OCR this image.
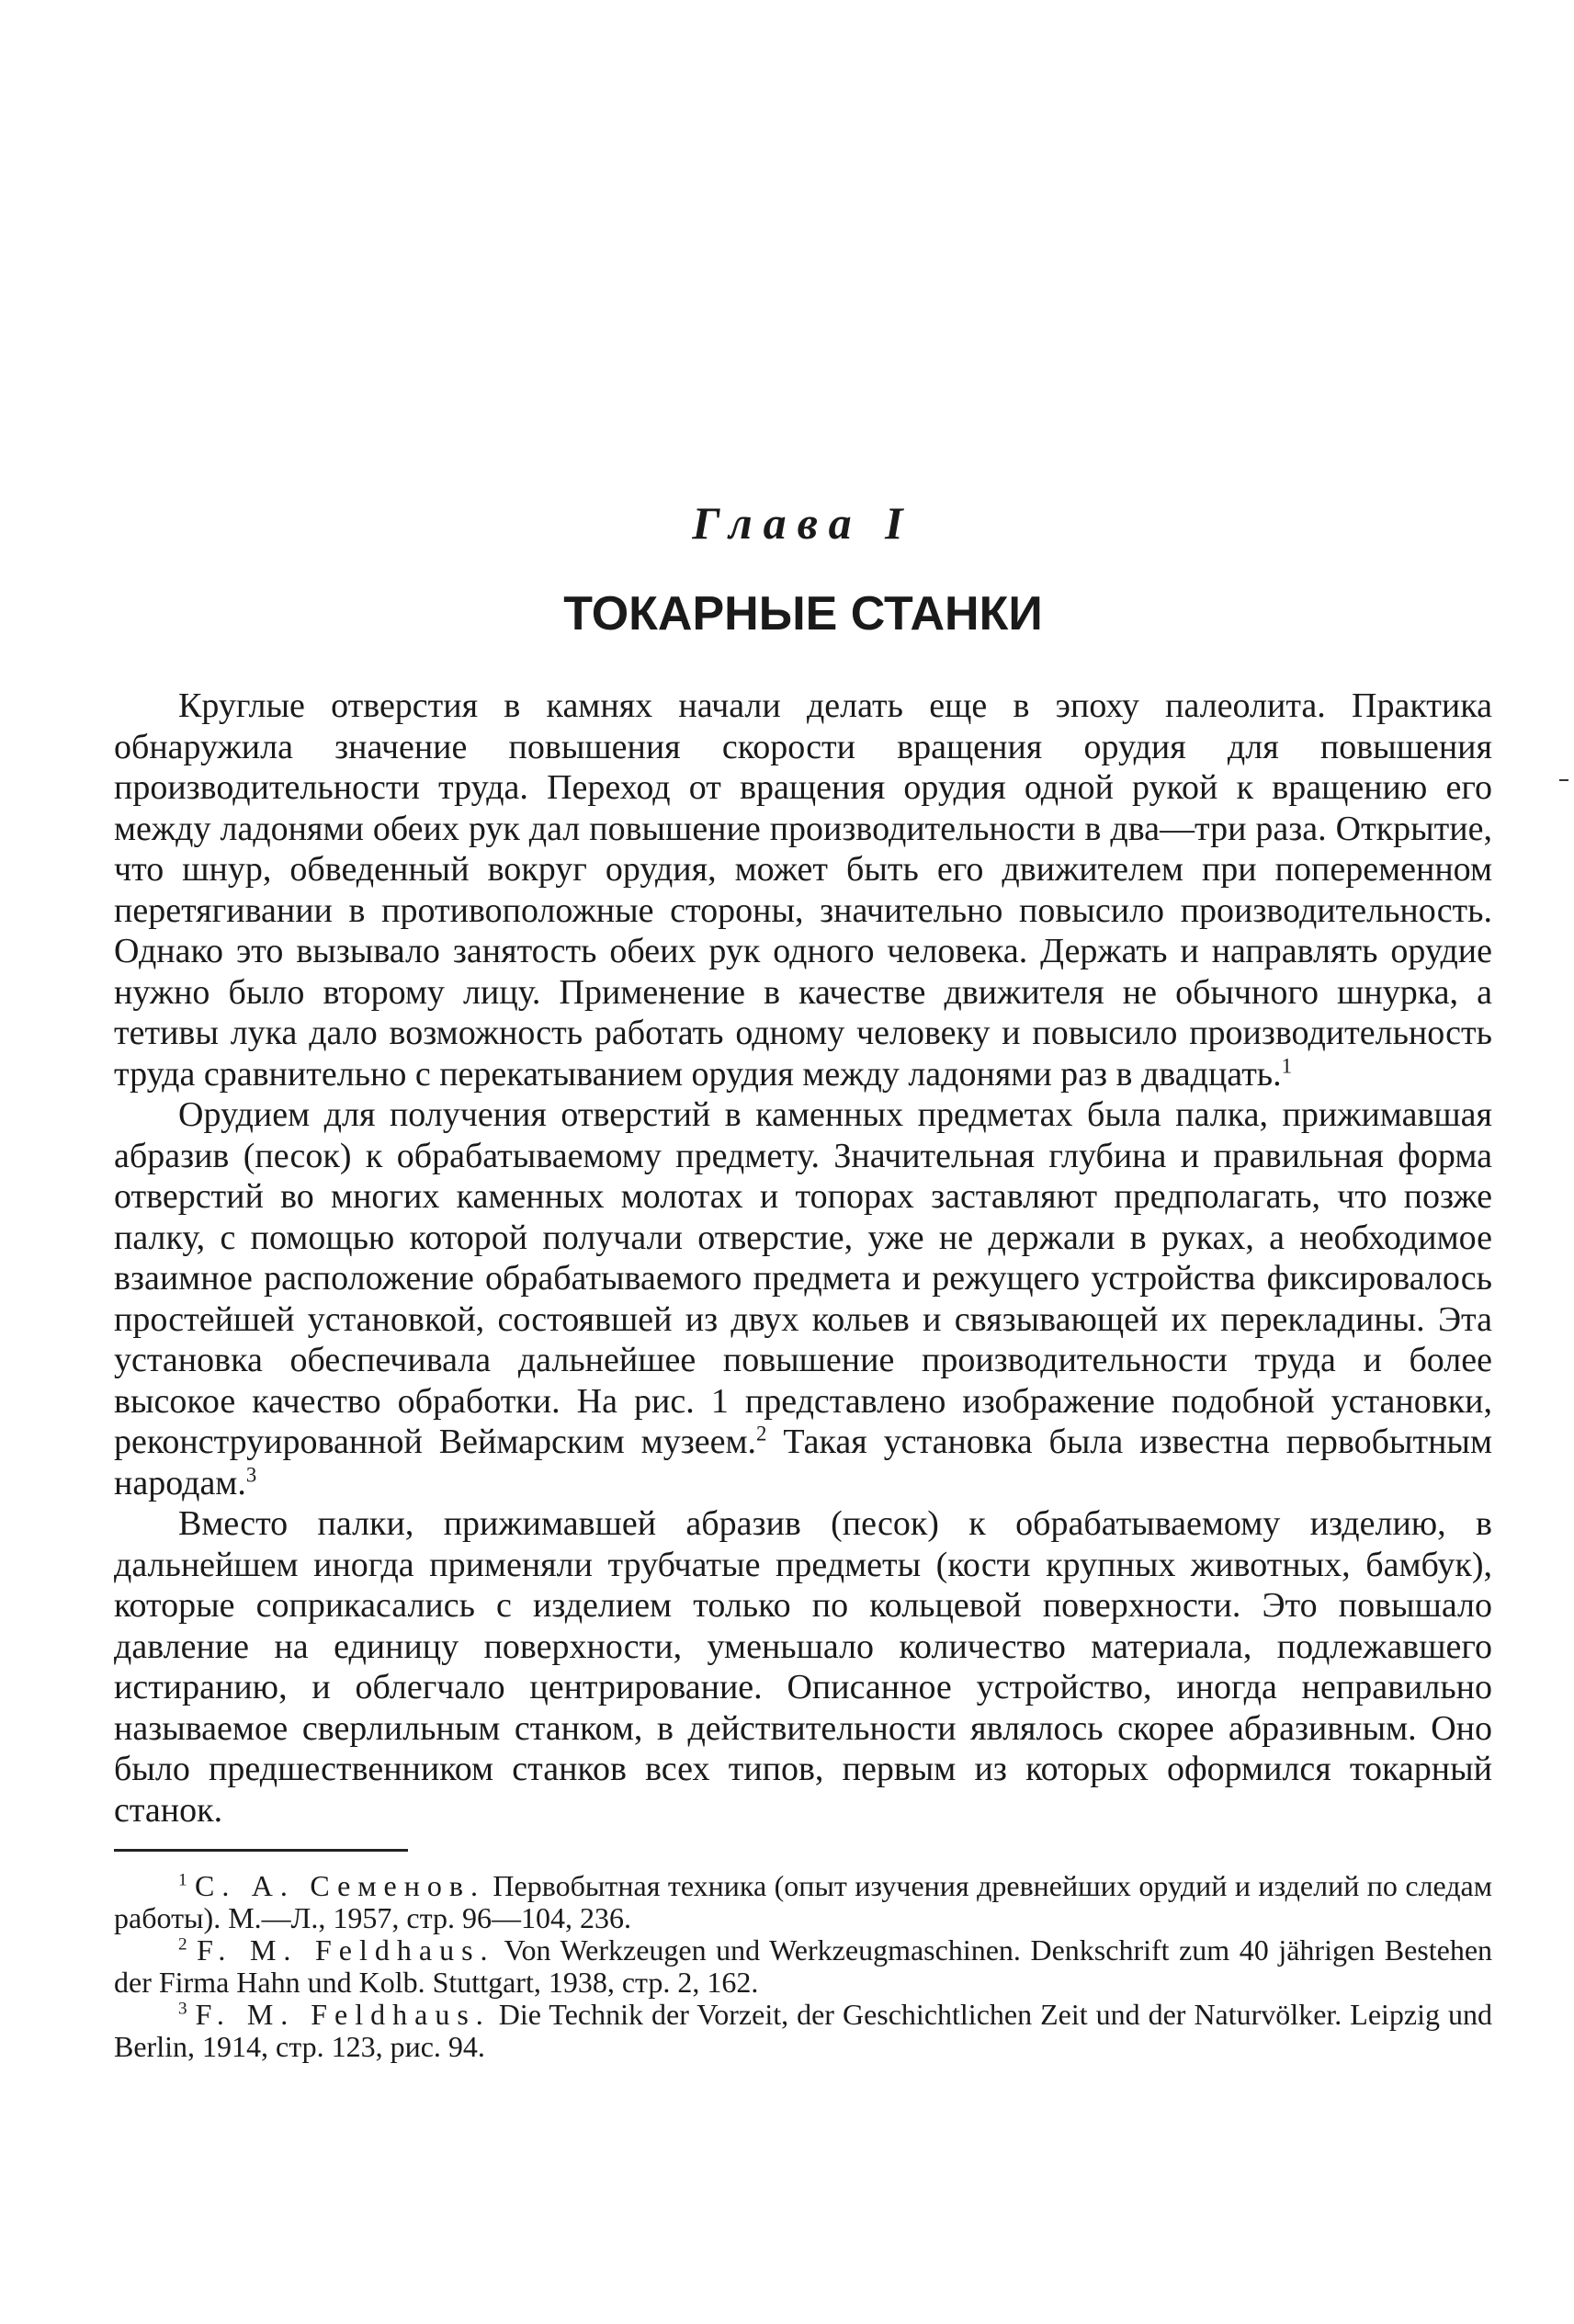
Глава I
ТОКАРНЫЕ СТАНКИ

Круглые отверстия в камнях начали делать еще в эпоху палеолита. Практика обнаружила значение повышения скорости вращения орудия для повышения производительности труда. Переход от вращения орудия одной рукой к вращению его между ладонями обеих рук дал повышение производительности в два—три раза. Открытие, что шнур, обведенный вокруг орудия, может быть его движителем при попеременном перетягивании в противоположные стороны, значительно повысило производительность. Однако это вызывало занятость обеих рук одного человека. Держать и направлять орудие нужно было второму лицу. Применение в качестве движителя не обычного шнурка, а тетивы лука дало возможность работать одному человеку и повысило производительность труда сравнительно с перекатыванием орудия между ладонями раз в двадцать.$^1$

Орудием для получения отверстий в каменных предметах была палка, прижимавшая абразив (песок) к обрабатываемому предмету. Значительная глубина и правильная форма отверстий во многих каменных молотах и топорах заставляют предполагать, что позже палку, с помощью которой получали отверстие, уже не держали в руках, а необходимое взаимное расположение обрабатываемого предмета и режущего устройства фиксировалось простейшей установкой, состоявшей из двух кольев и связывающей их перекладины. Эта установка обеспечивала дальнейшее повышение производительности труда и более высокое качество обработки. На рис. 1 представлено изображение подобной установки, реконструированной Веймарским музеем.$^2$ Такая установка была известна первобытным народам.$^3$

Вместо палки, прижимавшей абразив (песок) к обрабатываемому изделию, в дальнейшем иногда применяли трубчатые предметы (кости крупных животных, бамбук), которые соприкасались с изделием только по кольцевой поверхности. Это повышало давление на единицу поверхности, уменьшало количество материала, подлежавшего истиранию, и облегчало центрирование. Описанное устройство, иногда неправильно называемое сверлильным станком, в действительности являлось скорее абразивным. Оно было предшественником станков всех типов, первым из которых оформился токарный станок.

$^1$ С. А. Семенов. Первобытная техника (опыт изучения древнейших орудий и изделий по следам работы). М.—Л., 1957, стр. 96—104, 236.

$^2$ F. M. Feldhaus. Von Werkzeugen und Werkzeugmaschinen. Denkschrift zum 40 jährigen Bestehen der Firma Hahn und Kolb. Stuttgart, 1938, стр. 2, 162.

$^3$ F. M. Feldhaus. Die Technik der Vorzeit, der Geschichtlichen Zeit und der Naturvölker. Leipzig und Berlin, 1914, стр. 123, рис. 94.
